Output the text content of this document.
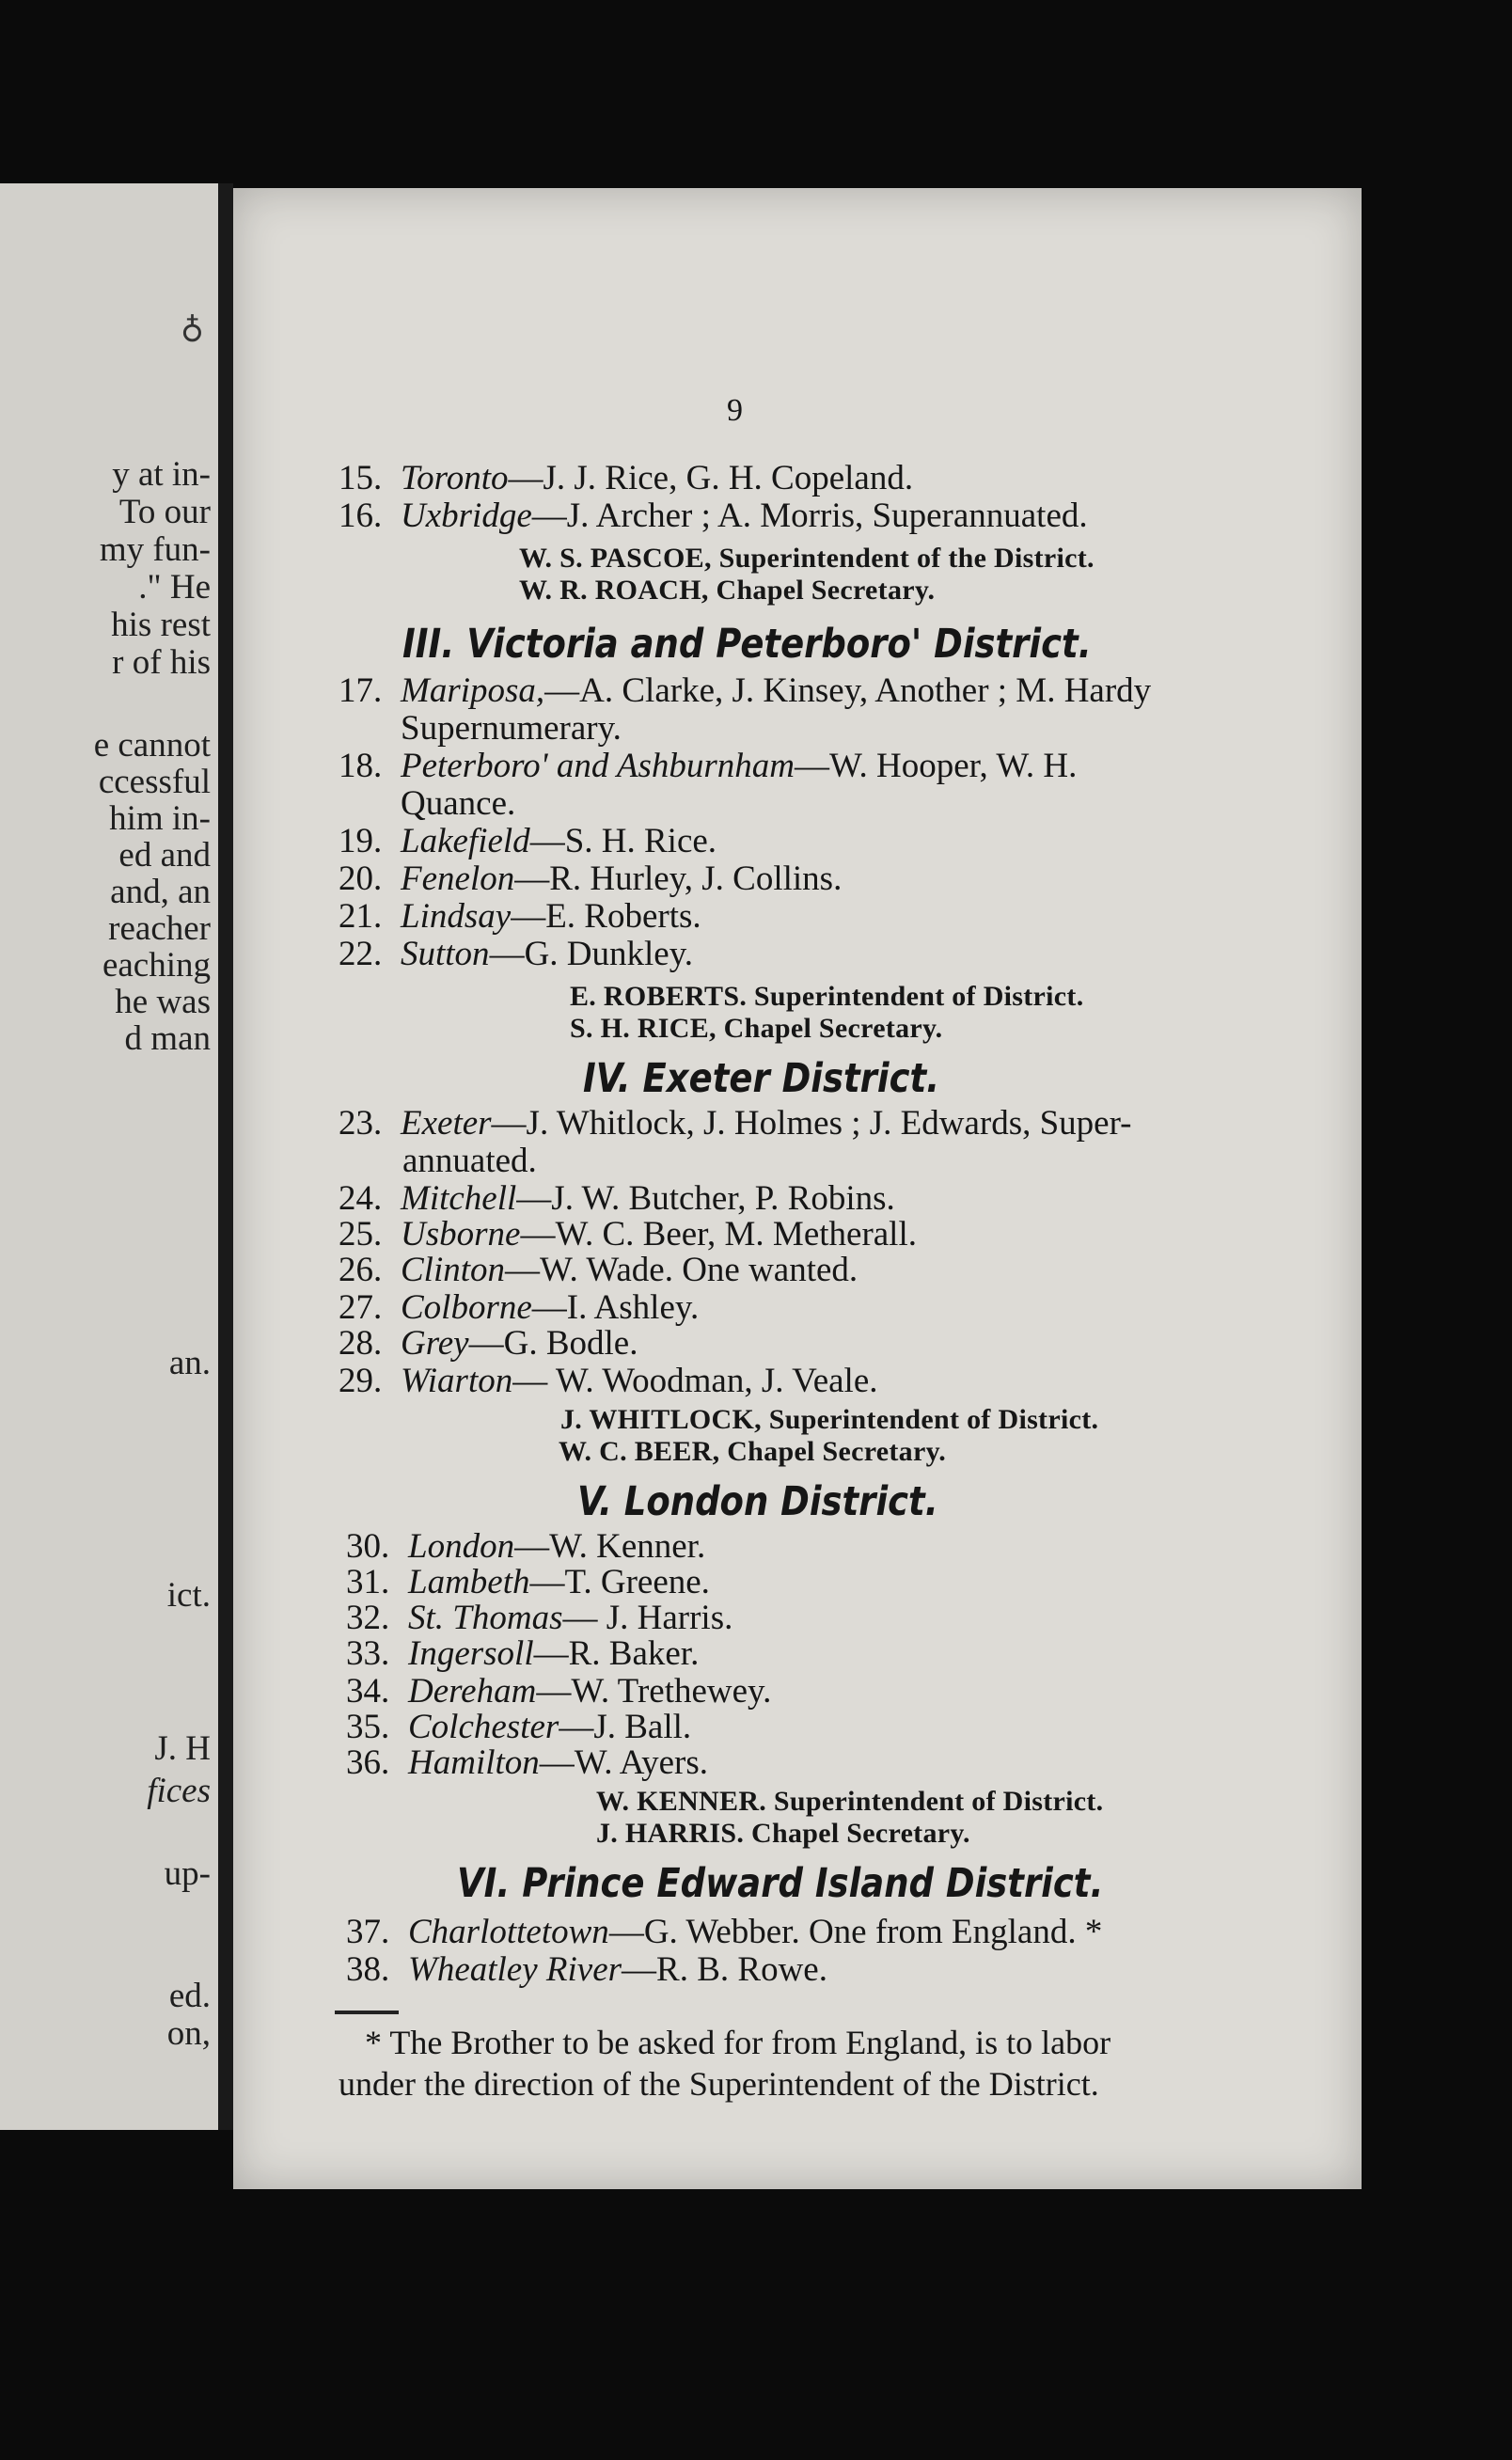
y at in-
To our
my fun-
." He
his rest
r of his
e cannot
ccessful
him in-
ed and
and, an
reacher
eaching
he was
d man
an.
ict.
J. H
fices
up-
ed.
on,
♁
9
15. Toronto—J. J. Rice, G. H. Copeland.
16. Uxbridge—J. Archer ; A. Morris, Superannuated.
W. S. PASCOE, Superintendent of the District.
W. R. ROACH, Chapel Secretary.
III. Victoria and Peterboro' District.
17. Mariposa,—A. Clarke, J. Kinsey, Another ; M. Hardy
Supernumerary.
18. Peterboro' and Ashburnham—W. Hooper, W. H.
Quance.
19. Lakefield—S. H. Rice.
20. Fenelon—R. Hurley, J. Collins.
21. Lindsay—E. Roberts.
22. Sutton—G. Dunkley.
E. ROBERTS. Superintendent of District.
S. H. RICE, Chapel Secretary.
IV. Exeter District.
23. Exeter—J. Whitlock, J. Holmes ; J. Edwards, Super-
annuated.
24. Mitchell—J. W. Butcher, P. Robins.
25. Usborne—W. C. Beer, M. Metherall.
26. Clinton—W. Wade. One wanted.
27. Colborne—I. Ashley.
28. Grey—G. Bodle.
29. Wiarton— W. Woodman, J. Veale.
J. WHITLOCK, Superintendent of District.
W. C. BEER, Chapel Secretary.
V. London District.
30. London—W. Kenner.
31. Lambeth—T. Greene.
32. St. Thomas— J. Harris.
33. Ingersoll—R. Baker.
34. Dereham—W. Trethewey.
35. Colchester—J. Ball.
36. Hamilton—W. Ayers.
W. KENNER. Superintendent of District.
J. HARRIS. Chapel Secretary.
VI. Prince Edward Island District.
37. Charlottetown—G. Webber. One from England. *
38. Wheatley River—R. B. Rowe.
* The Brother to be asked for from England, is to labor
under the direction of the Superintendent of the District.
